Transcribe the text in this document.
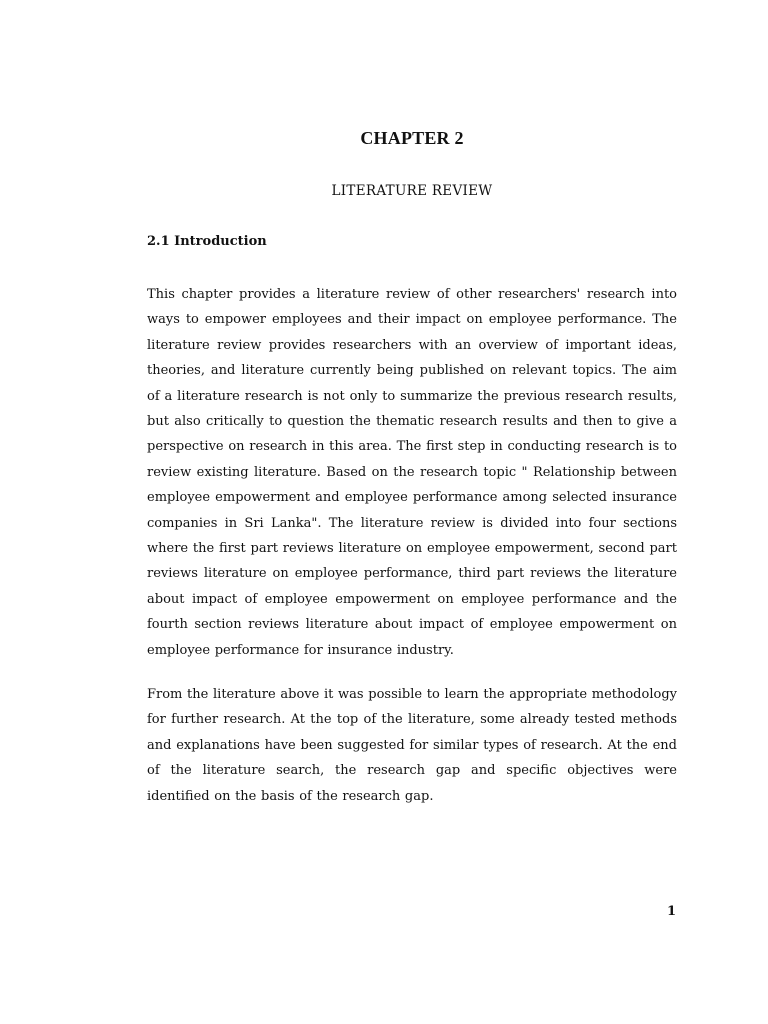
CHAPTER 2
LITERATURE REVIEW
2.1 Introduction

This chapter provides a literature review of other researchers' research into ways to empower employees and their impact on employee performance. The literature review provides researchers with an overview of important ideas, theories, and literature currently being published on relevant topics. The aim of a literature research is not only to summarize the previous research results, but also critically to question the thematic research results and then to give a perspective on research in this area. The first step in conducting research is to review existing literature. Based on the research topic " Relationship between employee empowerment and employee performance among selected insurance companies in Sri Lanka". The literature review is divided into four sections where the first part reviews literature on employee empowerment, second part reviews literature on employee performance, third part reviews the literature about impact of employee empowerment on employee performance and the fourth section reviews literature about impact of employee empowerment on employee performance for insurance industry.

From the literature above it was possible to learn the appropriate methodology for further research. At the top of the literature, some already tested methods and explanations have been suggested for similar types of research. At the end of the literature search, the research gap and specific objectives were identified on the basis of the research gap.

1
